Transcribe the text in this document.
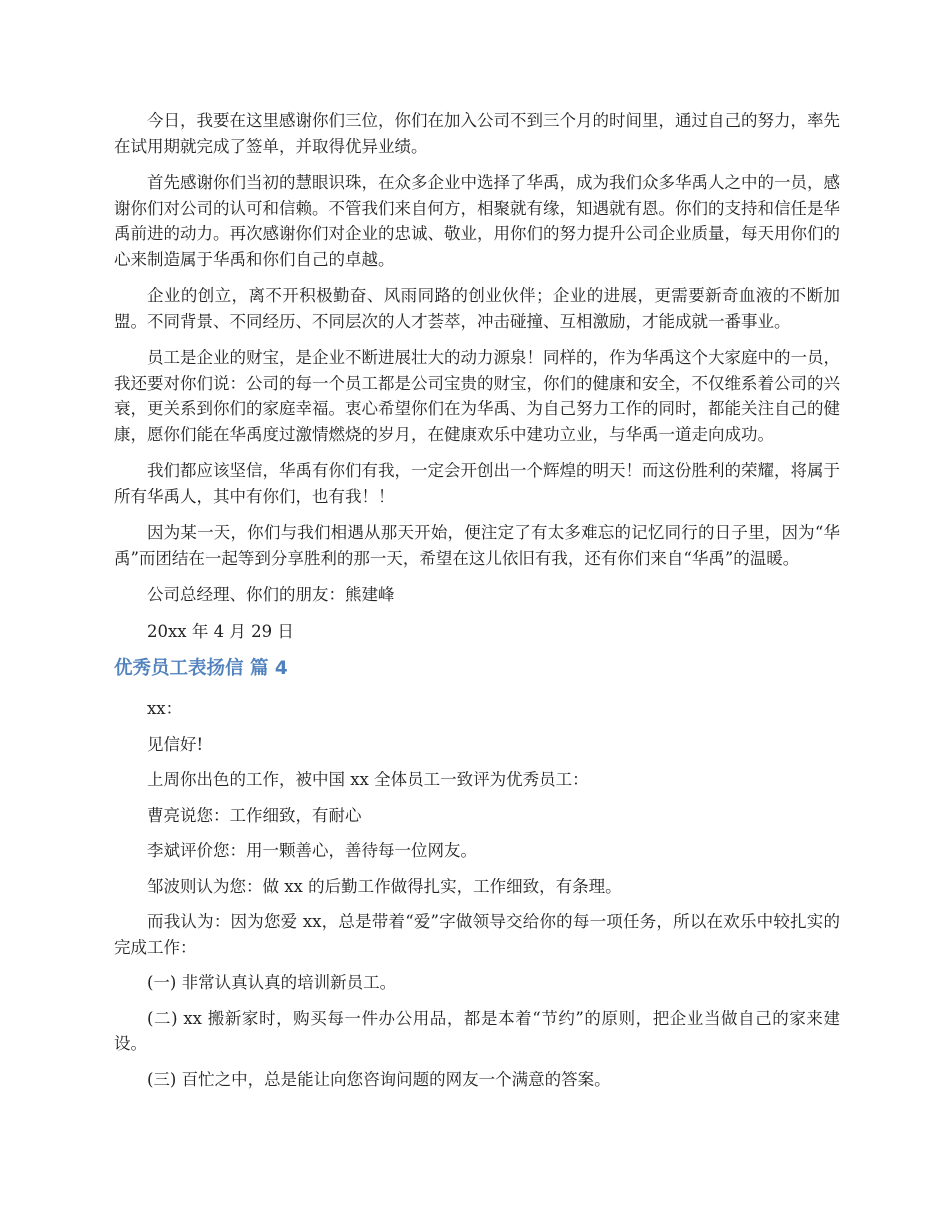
今日，我要在这里感谢你们三位，你们在加入公司不到三个月的时间里，通过自己的努力，率先在试用期就完成了签单，并取得优异业绩。

首先感谢你们当初的慧眼识珠，在众多企业中选择了华禹，成为我们众多华禹人之中的一员，感谢你们对公司的认可和信赖。不管我们来自何方，相聚就有缘，知遇就有恩。你们的支持和信任是华禹前进的动力。再次感谢你们对企业的忠诚、敬业，用你们的努力提升公司企业质量，每天用你们的心来制造属于华禹和你们自己的卓越。

企业的创立，离不开积极勤奋、风雨同路的创业伙伴；企业的进展，更需要新奇血液的不断加盟。不同背景、不同经历、不同层次的人才荟萃，冲击碰撞、互相激励，才能成就一番事业。

员工是企业的财宝，是企业不断进展壮大的动力源泉！同样的，作为华禹这个大家庭中的一员，我还要对你们说：公司的每一个员工都是公司宝贵的财宝，你们的健康和安全，不仅维系着公司的兴衰，更关系到你们的家庭幸福。衷心希望你们在为华禹、为自己努力工作的同时，都能关注自己的健康，愿你们能在华禹度过激情燃烧的岁月，在健康欢乐中建功立业，与华禹一道走向成功。

我们都应该坚信，华禹有你们有我，一定会开创出一个辉煌的明天！而这份胜利的荣耀，将属于所有华禹人，其中有你们，也有我！！

因为某一天，你们与我们相遇从那天开始，便注定了有太多难忘的记忆同行的日子里，因为“华禹”而团结在一起等到分享胜利的那一天，希望在这儿依旧有我，还有你们来自“华禹”的温暖。

公司总经理、你们的朋友：熊建峰

20xx 年 4 月 29 日

优秀员工表扬信 篇 4

xx：

见信好!

上周你出色的工作，被中国 xx 全体员工一致评为优秀员工：

曹亮说您：工作细致，有耐心

李斌评价您：用一颗善心，善待每一位网友。

邹波则认为您：做 xx 的后勤工作做得扎实，工作细致，有条理。

而我认为：因为您爱 xx，总是带着“爱”字做领导交给你的每一项任务，所以在欢乐中较扎实的完成工作：

(一) 非常认真认真的培训新员工。

(二) xx 搬新家时，购买每一件办公用品，都是本着“节约”的原则，把企业当做自己的家来建设。

(三) 百忙之中，总是能让向您咨询问题的网友一个满意的答案。
